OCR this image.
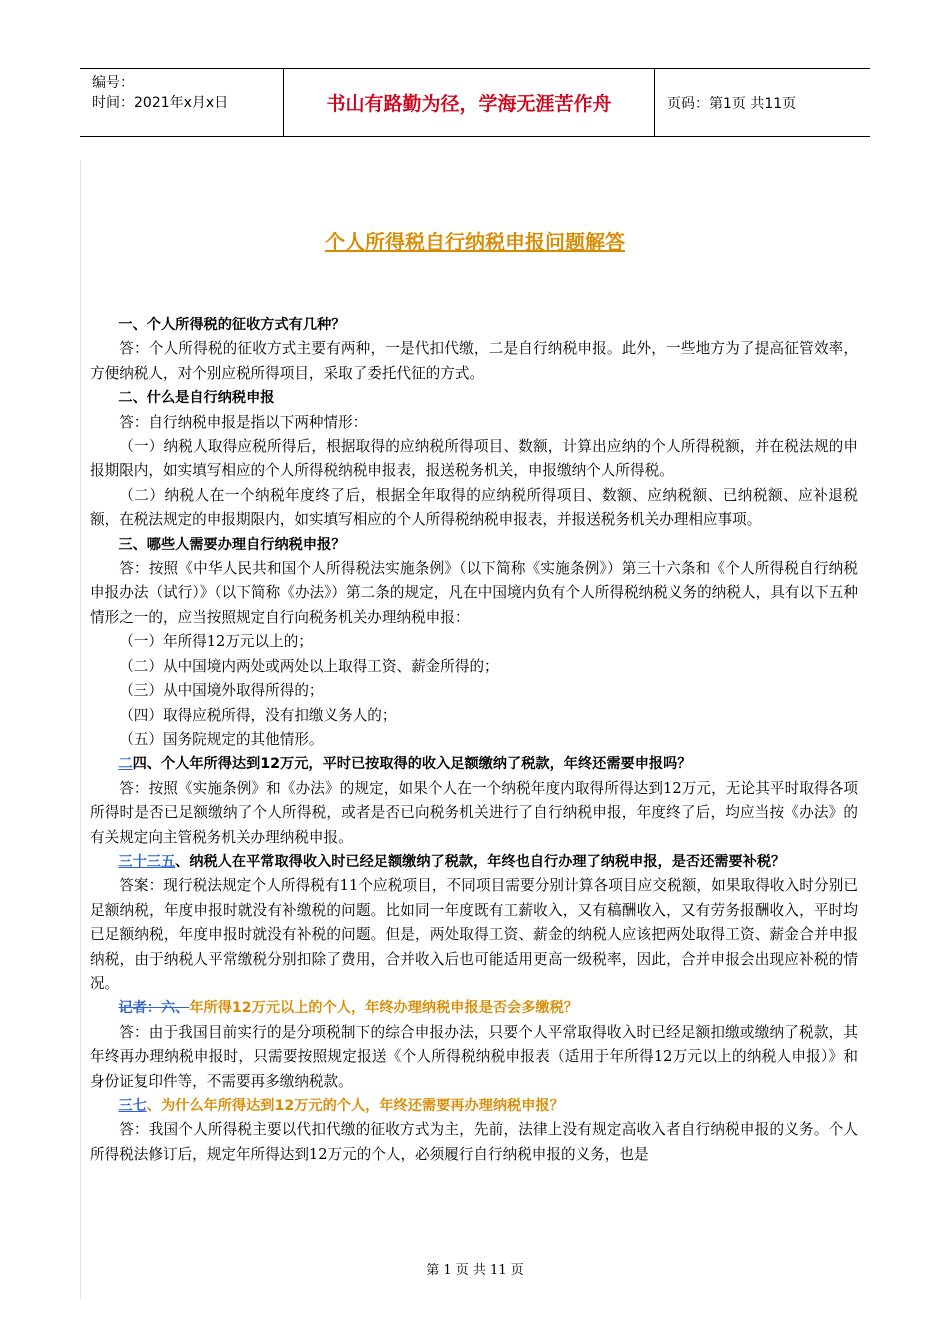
编号：
时间：2021年x月x日	书山有路勤为径，学海无涯苦作舟	页码：第1页 共11页
个人所得税自行纳税申报问题解答

一、个人所得税的征收方式有几种？

答：个人所得税的征收方式主要有两种，一是代扣代缴，二是自行纳税申报。此外，一些地方为了提高征管效率，方便纳税人，对个别应税所得项目，采取了委托代征的方式。

二、什么是自行纳税申报

答：自行纳税申报是指以下两种情形：

（一）纳税人取得应税所得后，根据取得的应纳税所得项目、数额，计算出应纳的个人所得税额，并在税法规的申报期限内，如实填写相应的个人所得税纳税申报表，报送税务机关，申报缴纳个人所得税。

（二）纳税人在一个纳税年度终了后，根据全年取得的应纳税所得项目、数额、应纳税额、已纳税额、应补退税额，在税法规定的申报期限内，如实填写相应的个人所得税纳税申报表，并报送税务机关办理相应事项。

三、哪些人需要办理自行纳税申报？

答：按照《中华人民共和国个人所得税法实施条例》（以下简称《实施条例》）第三十六条和《个人所得税自行纳税申报办法（试行）》（以下简称《办法》）第二条的规定，凡在中国境内负有个人所得税纳税义务的纳税人，具有以下五种情形之一的，应当按照规定自行向税务机关办理纳税申报：

（一）年所得12万元以上的；

（二）从中国境内两处或两处以上取得工资、薪金所得的；

（三）从中国境外取得所得的；

（四）取得应税所得，没有扣缴义务人的；

（五）国务院规定的其他情形。

二四、个人年所得达到12万元，平时已按取得的收入足额缴纳了税款，年终还需要申报吗？

答：按照《实施条例》和《办法》的规定，如果个人在一个纳税年度内取得所得达到12万元，无论其平时取得各项所得时是否已足额缴纳了个人所得税，或者是否已向税务机关进行了自行纳税申报，年度终了后，均应当按《办法》的有关规定向主管税务机关办理纳税申报。

三十三五、纳税人在平常取得收入时已经足额缴纳了税款，年终也自行办理了纳税申报，是否还需要补税？

答案：现行税法规定个人所得税有11个应税项目，不同项目需要分别计算各项目应交税额，如果取得收入时分别已足额纳税，年度申报时就没有补缴税的问题。比如同一年度既有工薪收入，又有稿酬收入，又有劳务报酬收入，平时均已足额纳税，年度申报时就没有补税的问题。但是，两处取得工资、薪金的纳税人应该把两处取得工资、薪金合并申报纳税，由于纳税人平常缴税分别扣除了费用，合并收入后也可能适用更高一级税率，因此，合并申报会出现应补税的情况。

记者：六、年所得12万元以上的个人，年终办理纳税申报是否会多缴税？

答：由于我国目前实行的是分项税制下的综合申报办法，只要个人平常取得收入时已经足额扣缴或缴纳了税款，其年终再办理纳税申报时，只需要按照规定报送《个人所得税纳税申报表（适用于年所得12万元以上的纳税人申报）》和身份证复印件等，不需要再多缴纳税款。

三七、为什么年所得达到12万元的个人，年终还需要再办理纳税申报？

答：我国个人所得税主要以代扣代缴的征收方式为主，先前，法律上没有规定高收入者自行纳税申报的义务。个人所得税法修订后，规定年所得达到12万元的个人，必须履行自行纳税申报的义务，也是

第 1 页 共 11 页
